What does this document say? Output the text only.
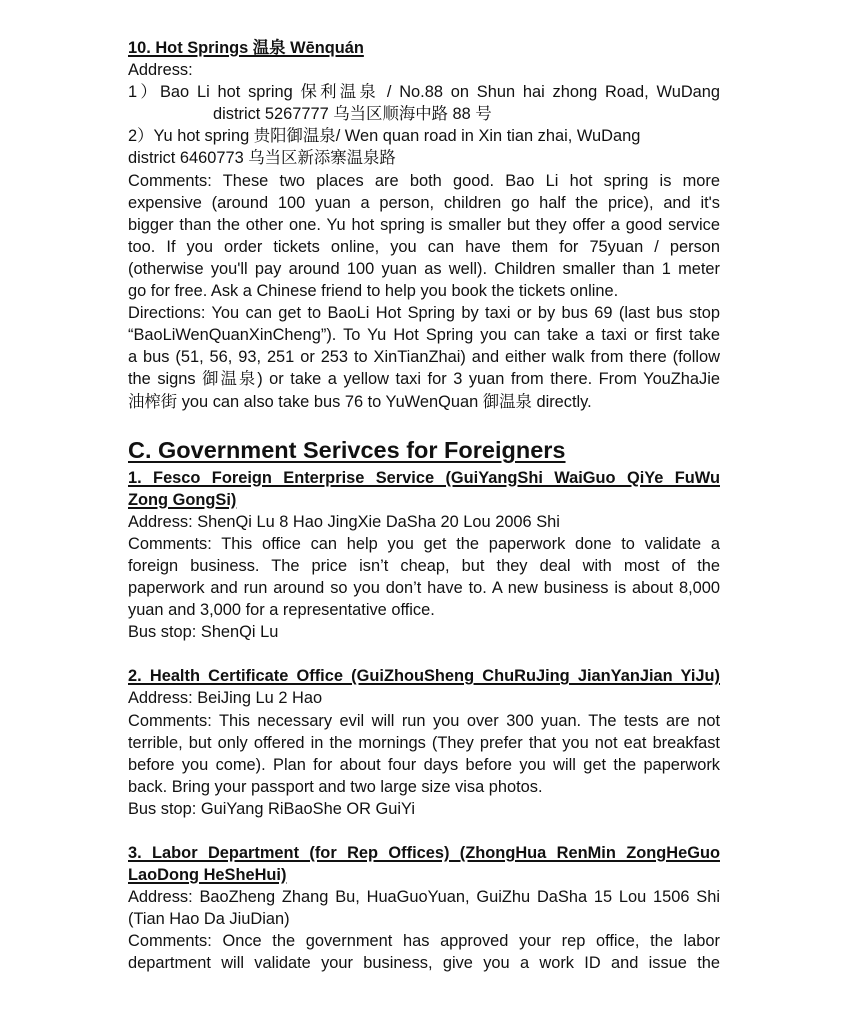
10. Hot Springs 温泉 Wēnquán
Address:
1）Bao Li hot spring 保利温泉 / No.88 on Shun hai zhong Road, WuDang
district 5267777 乌当区顺海中路 88 号
2）Yu hot spring 贵阳御温泉/ Wen quan road in Xin tian zhai, WuDang
district 6460773 乌当区新添寨温泉路
Comments: These two places are both good. Bao Li hot spring is more
expensive (around 100 yuan a person, children go half the price), and it's
bigger than the other one. Yu hot spring is smaller but they offer a good service
too. If you order tickets online, you can have them for 75yuan / person
(otherwise you'll pay around 100 yuan as well). Children smaller than 1 meter
go for free. Ask a Chinese friend to help you book the tickets online.
Directions: You can get to BaoLi Hot Spring by taxi or by bus 69 (last bus stop
“BaoLiWenQuanXinCheng”). To Yu Hot Spring you can take a taxi or first take
a bus (51, 56, 93, 251 or 253 to XinTianZhai) and either walk from there (follow
the signs 御温泉) or take a yellow taxi for 3 yuan from there. From YouZhaJie
油榨街 you can also take bus 76 to YuWenQuan 御温泉 directly.
C. Government Serivces for Foreigners
1. Fesco Foreign Enterprise Service (GuiYangShi WaiGuo QiYe FuWu
Zong GongSi)
Address: ShenQi Lu 8 Hao JingXie DaSha 20 Lou 2006 Shi
Comments: This office can help you get the paperwork done to validate a
foreign business. The price isn’t cheap, but they deal with most of the
paperwork and run around so you don’t have to. A new business is about 8,000
yuan and 3,000 for a representative office.
Bus stop: ShenQi Lu
2. Health Certificate Office (GuiZhouSheng ChuRuJing JianYanJian YiJu)
Address: BeiJing Lu 2 Hao
Comments: This necessary evil will run you over 300 yuan. The tests are not
terrible, but only offered in the mornings (They prefer that you not eat breakfast
before you come). Plan for about four days before you will get the paperwork
back. Bring your passport and two large size visa photos.
Bus stop: GuiYang RiBaoShe OR GuiYi
3. Labor Department (for Rep Offices) (ZhongHua RenMin ZongHeGuo
LaoDong HeSheHui)
Address: BaoZheng Zhang Bu, HuaGuoYuan, GuiZhu DaSha 15 Lou 1506 Shi
(Tian Hao Da JiuDian)
Comments: Once the government has approved your rep office, the labor
department will validate your business, give you a work ID and issue the
